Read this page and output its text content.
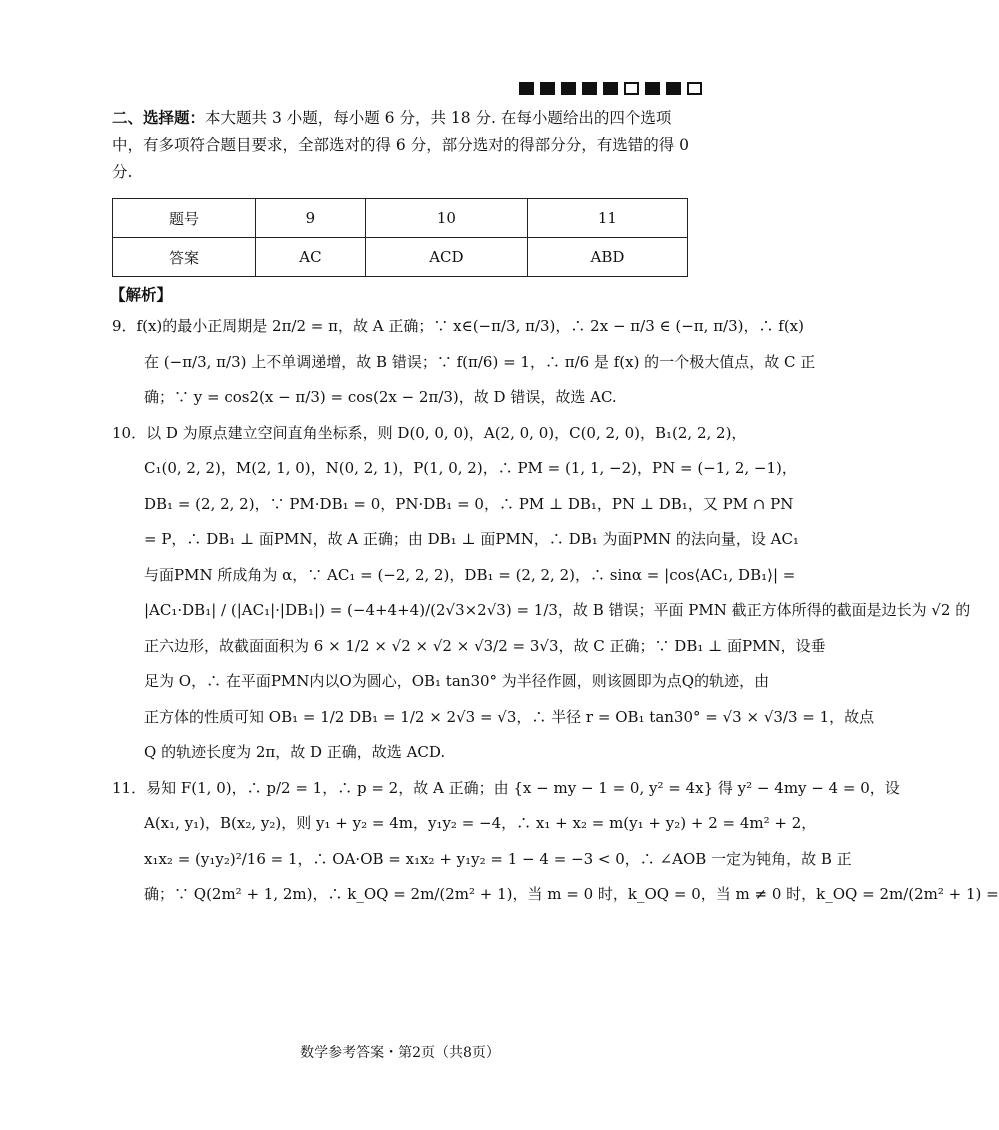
二、选择题：本大题共 3 小题，每小题 6 分，共 18 分. 在每小题给出的四个选项中，有多项符合题目要求，全部选对的得 6 分，部分选对的得部分分，有选错的得 0 分.

题号	9	10	11
答案	AC	ACD	ABD
【解析】
9．f(x)的最小正周期是 2π/2 = π，故 A 正确；∵ x∈(−π/3, π/3)，∴ 2x − π/3 ∈ (−π, π/3)，∴ f(x)
在 (−π/3, π/3) 上不单调递增，故 B 错误；∵ f(π/6) = 1，∴ π/6 是 f(x) 的一个极大值点，故 C 正
确；∵ y = cos2(x − π/3) = cos(2x − 2π/3)，故 D 错误，故选 AC.
10．以 D 为原点建立空间直角坐标系，则 D(0, 0, 0)，A(2, 0, 0)，C(0, 2, 0)，B₁(2, 2, 2)，
C₁(0, 2, 2)，M(2, 1, 0)，N(0, 2, 1)，P(1, 0, 2)，∴ PM = (1, 1, −2)，PN = (−1, 2, −1)，
DB₁ = (2, 2, 2)，∵ PM·DB₁ = 0，PN·DB₁ = 0，∴ PM ⊥ DB₁，PN ⊥ DB₁，又 PM ∩ PN
= P，∴ DB₁ ⊥ 面PMN，故 A 正确；由 DB₁ ⊥ 面PMN，∴ DB₁ 为面PMN 的法向量，设 AC₁
与面PMN 所成角为 α，∵ AC₁ = (−2, 2, 2)，DB₁ = (2, 2, 2)，∴ sinα = |cos⟨AC₁, DB₁⟩| =
|AC₁·DB₁| / (|AC₁|·|DB₁|) = (−4+4+4)/(2√3×2√3) = 1/3，故 B 错误；平面 PMN 截正方体所得的截面是边长为 √2 的
正六边形，故截面面积为 6 × 1/2 × √2 × √2 × √3/2 = 3√3，故 C 正确；∵ DB₁ ⊥ 面PMN，设垂
足为 O，∴ 在平面PMN内以O为圆心，OB₁ tan30° 为半径作圆，则该圆即为点Q的轨迹，由
正方体的性质可知 OB₁ = 1/2 DB₁ = 1/2 × 2√3 = √3，∴ 半径 r = OB₁ tan30° = √3 × √3/3 = 1，故点
Q 的轨迹长度为 2π，故 D 正确，故选 ACD.
11．易知 F(1, 0)，∴ p/2 = 1，∴ p = 2，故 A 正确；由 {x − my − 1 = 0, y² = 4x} 得 y² − 4my − 4 = 0，设
A(x₁, y₁)，B(x₂, y₂)，则 y₁ + y₂ = 4m，y₁y₂ = −4，∴ x₁ + x₂ = m(y₁ + y₂) + 2 = 4m² + 2，
x₁x₂ = (y₁y₂)²/16 = 1，∴ OA·OB = x₁x₂ + y₁y₂ = 1 − 4 = −3 < 0，∴ ∠AOB 一定为钝角，故 B 正
确；∵ Q(2m² + 1, 2m)，∴ k_OQ = 2m/(2m² + 1)，当 m = 0 时，k_OQ = 0，当 m ≠ 0 时，k_OQ = 2m/(2m² + 1) =
数学参考答案・第2页（共8页）
